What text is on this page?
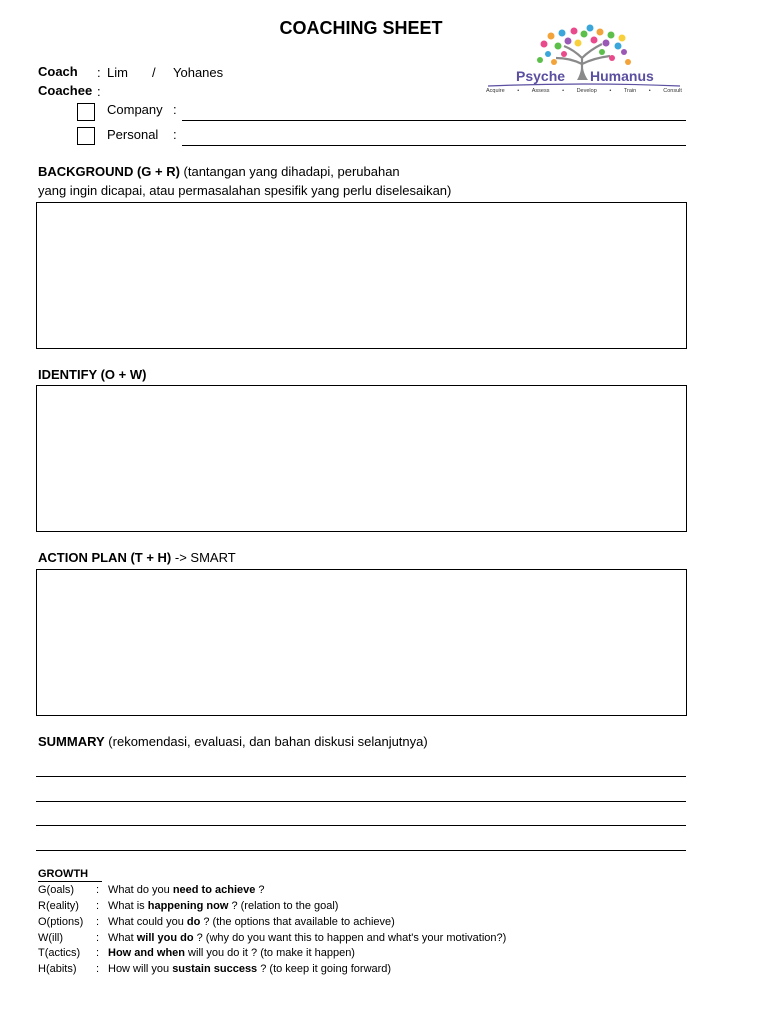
COACHING SHEET
Coach : Lim / Yohanes
Coachee :
Company :
Personal :
Psyche Humanus
Acquire • Assess • Develop • Train • Consult
BACKGROUND (G + R) (tantangan yang dihadapi, perubahan
yang ingin dicapai, atau permasalahan spesifik yang perlu diselesaikan)
IDENTIFY (O + W)
ACTION PLAN (T + H) -> SMART
SUMMARY (rekomendasi, evaluasi, dan bahan diskusi selanjutnya)
GROWTH
G(oals) : What do you need to achieve ?
R(eality) : What is happening now ? (relation to the goal)
O(ptions) : What could you do ? (the options that available to achieve)
W(ill)	: What will you do ? (why do you want this to happen and what's your motivation?)
T(actics) : How and when will you do it ? (to make it happen)
H(abits) : How will you sustain success ? (to keep it going forward)
